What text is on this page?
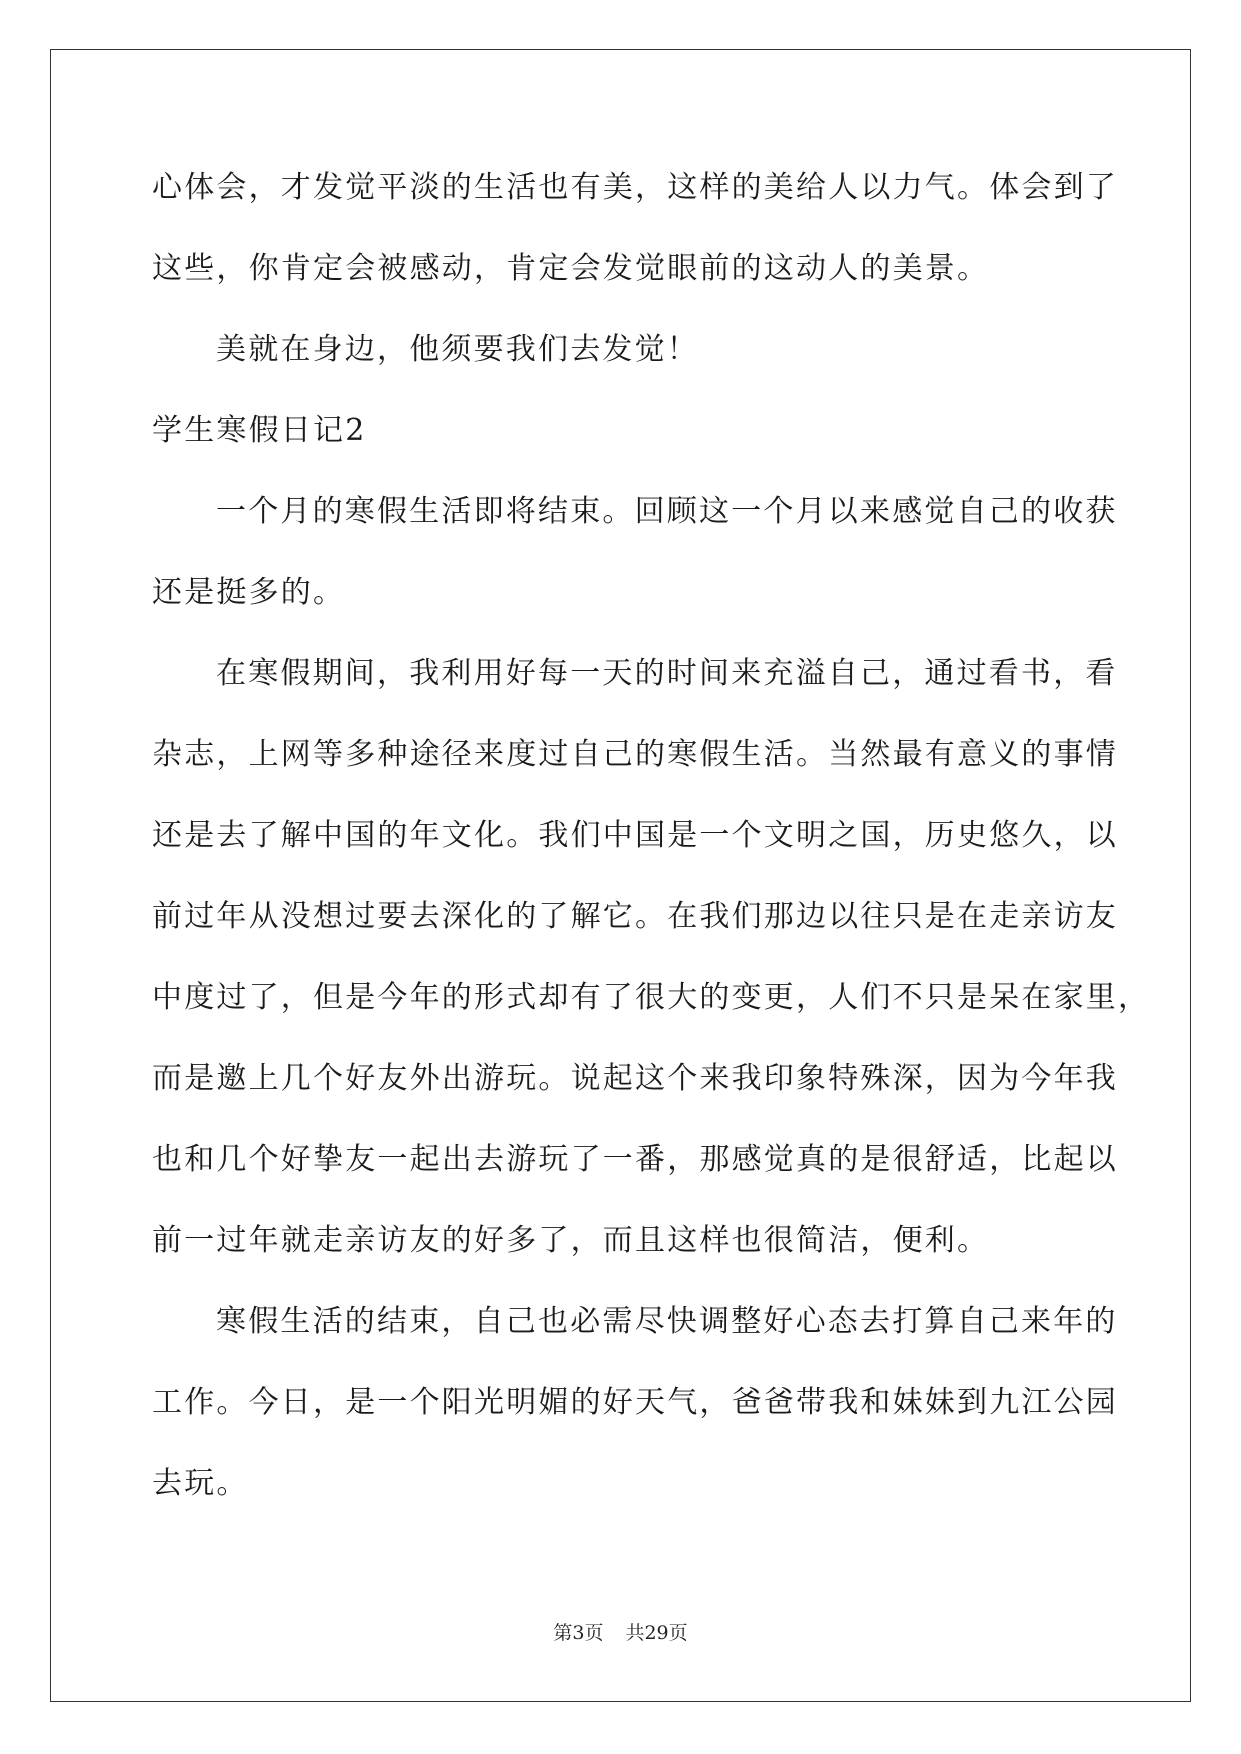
心体会，才发觉平淡的生活也有美，这样的美给人以力气。体会到了
这些，你肯定会被感动，肯定会发觉眼前的这动人的美景。
美就在身边，他须要我们去发觉！
学生寒假日记2
一个月的寒假生活即将结束。回顾这一个月以来感觉自己的收获
还是挺多的。
在寒假期间，我利用好每一天的时间来充溢自己，通过看书，看
杂志，上网等多种途径来度过自己的寒假生活。当然最有意义的事情
还是去了解中国的年文化。我们中国是一个文明之国，历史悠久，以
前过年从没想过要去深化的了解它。在我们那边以往只是在走亲访友
中度过了，但是今年的形式却有了很大的变更，人们不只是呆在家里，
而是邀上几个好友外出游玩。说起这个来我印象特殊深，因为今年我
也和几个好挚友一起出去游玩了一番，那感觉真的是很舒适，比起以
前一过年就走亲访友的好多了，而且这样也很简洁，便利。
寒假生活的结束，自己也必需尽快调整好心态去打算自己来年的
工作。今日，是一个阳光明媚的好天气，爸爸带我和妹妹到九江公园
去玩。
第3页 共29页
